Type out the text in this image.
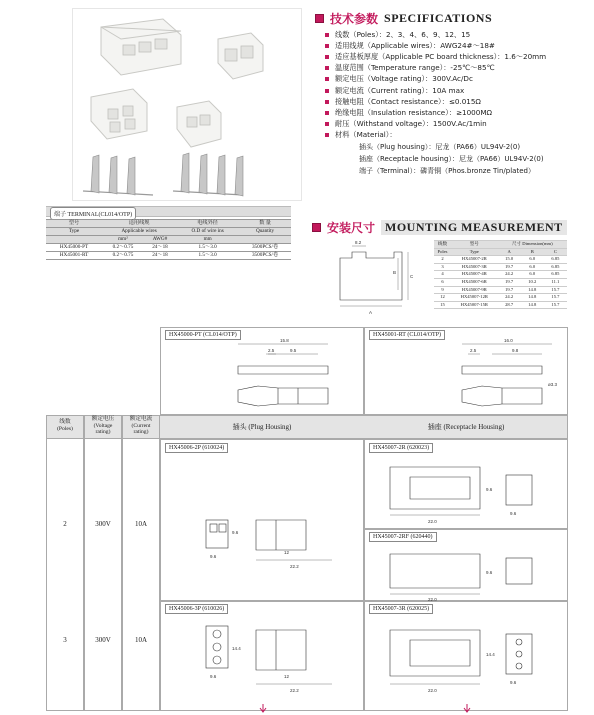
技术参数 SPECIFICATIONS
线数（Poles）：2、3、4、6、9、12、15
适用线规（Applicable wires）：AWG24#～18#
适应基板厚度（Applicable PC board thickness）：1.6～20mm
温度范围（Temperature range）：-25℃～85℃
额定电压（Voltage rating）：300V.Ac/Dc
额定电流（Current rating）：10A max
接触电阻（Contact resistance）：≤0.015Ω
绝缘电阻（Insulation resistance）：≥1000MΩ
耐压（Withstand voltage）：1500V.Ac/1min
材料（Material）：
插头（Plug housing）：尼龙（PA66）UL94V-2(0)
插座（Receptacle housing）：尼龙（PA66）UL94V-2(0)
端子（Terminal）：磷青铜（Phos.bronze Tin/plated）
端子 TERMINAL(CL014/OTP)
型号	适用线规		电线外径	数 量
Type	Applicable wires		O.D of wire ins	Quantity
	mm²	AWG#	mm	
HX45000-PT	0.2～0.75	24～18	1.5～3.0	3500PCS/卷
HX45001-RT	0.2～0.75	24～18	1.5～3.0	3500PCS/卷
安装尺寸 MOUNTING MEASUREMENT
8.2
C
B
A
线数	型号	尺寸 Dimension(mm)		
Poles	Type	A	B	C
2	HX45007-2R	15.0	6.0	6.85
3	HX45007-3R	19.7	6.0	6.85
4	HX45007-4R	24.2	6.0	6.85
6	HX45007-6R	19.7	10.2	11.1
9	HX45007-9R	19.7	14.8	15.7
12	HX45007-12R	24.2	14.8	15.7
15	HX45007-15R	28.7	14.8	15.7
HX45000-PT (CL014/OTP)	HX45001-RT (CL014/OTP)
15.8
9.5
2.5
16.0
9.8
2.5
ø3.3
线数
(Poles)
额定电压
(Voltage
rating)
额定电流
(Current
rating)
插头 (Plug Housing)	插座 (Receptacle Housing)
2	300V	10A
HX45006-2P (610024)	HX45007-2R (620023)
HX45007-2RF (620440)
9.6
9.6
12
22.2
9.6
22.0
9.6
9.6
22.0
3	300V	10A
HX45006-3P (610026)	HX45007-3R (620025)
14.4
9.6	12
22.2
14.4
22.0
9.6
